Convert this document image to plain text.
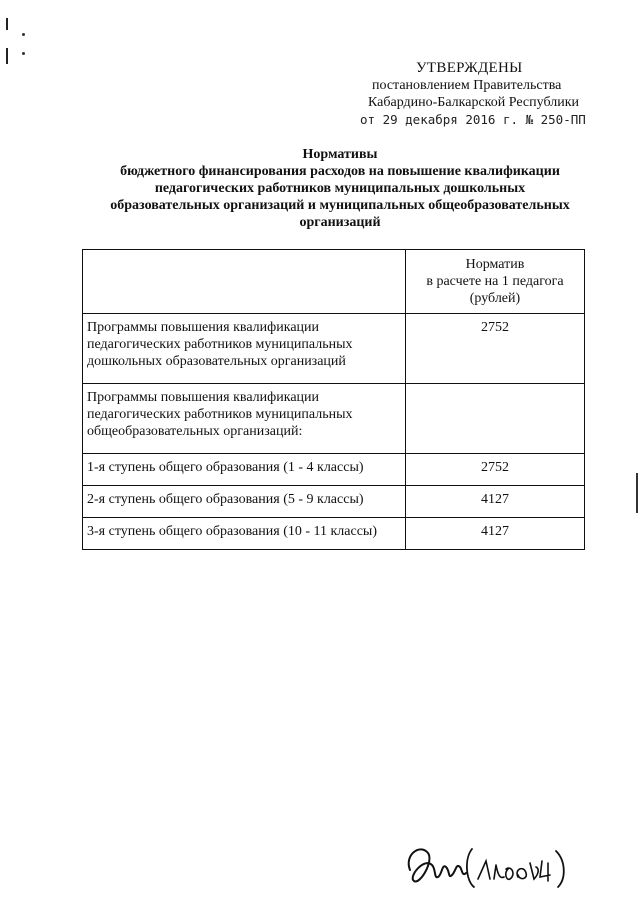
УТВЕРЖДЕНЫ
постановлением Правительства
Кабардино-Балкарской Республики
от 29 декабря 2016 г. № 250-ПП
Нормативы
бюджетного финансирования расходов на повышение квалификации
педагогических работников муниципальных дошкольных
образовательных организаций и муниципальных общеобразовательных
организаций

	Норматив
в расчете на 1 педагога
(рублей)

Программы повышения квалификации
педагогических работников муниципальных
дошкольных образовательных организаций	2752

Программы повышения квалификации
педагогических работников муниципальных
общеобразовательных организаций:	

1-я ступень общего образования (1 - 4 классы)	2752
2-я ступень общего образования (5 - 9 классы)	4127
3-я ступень общего образования (10 - 11 классы)	4127
